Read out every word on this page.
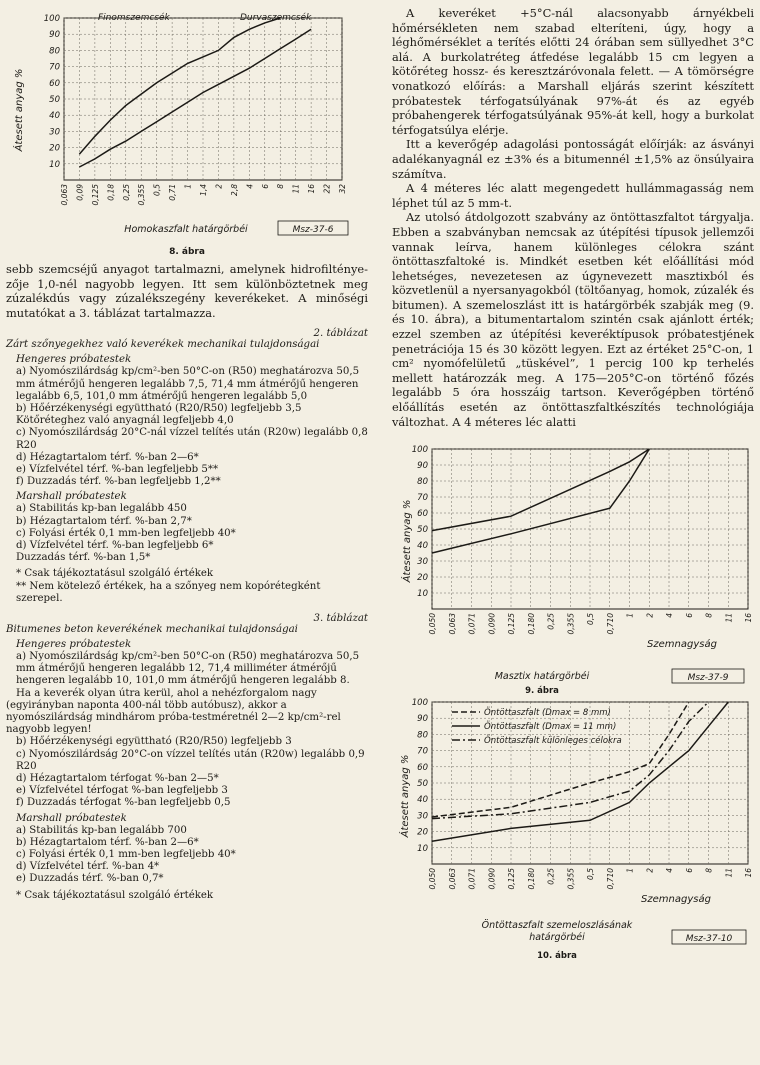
Finomszemcsék	Durvaszemcsék
Átesett anyag %
10
20
30
40
50
60
70
80
90
100
0,063 0,09 0,125 0,18 0,25 0,355 0,5 0,71 1 1,4 2 2,8 4 6 8 11 16 22 32
Homokaszfalt határgörbéi	Msz-37-6
8. ábra

sebb szemcséjű anyagot tartalmazni, amelynek hidrofiltényezője 1,0-nél nagyobb legyen. Itt sem különböztetnek meg zúzalékdús vagy zúzalékszegény keverékeket. A minőségi mutatókat a 3. táblázat tartalmazza.

2. táblázat
Zárt szőnyegekhez való keverékek mechanikai tulajdonságai
Hengeres próbatestek
a) Nyomószilárdság kp/cm²-ben 50°C-on (R50) meghatározva 50,5 mm átmérőjű hengeren legalább 7,5, 71,4 mm átmérőjű hengeren legalább 6,5, 101,0 mm átmérőjű hengeren legalább 5,0
b) Hőérzékenységi együttható (R20/R50) legfeljebb 3,5 Kötőréteghez való anyagnál legfeljebb 4,0
c) Nyomószilárdság 20°C-nál vízzel telítés után (R20w) legalább 0,8 R20
d) Hézagtartalom térf. %-ban 2—6*
e) Vízfelvétel térf. %-ban legfeljebb 5**
f) Duzzadás térf. %-ban legfeljebb 1,2**
Marshall próbatestek
a) Stabilitás kp-ban legalább 450
b) Hézagtartalom térf. %-ban 2,7*
c) Folyási érték 0,1 mm-ben legfeljebb 40*
d) Vízfelvétel térf. %-ban legfeljebb 6*
Duzzadás térf. %-ban 1,5*
* Csak tájékoztatásul szolgáló értékek
** Nem kötelező értékek, ha a szőnyeg nem kopórétegként szerepel.
3. táblázat
Bitumenes beton keverékének mechanikai tulajdonságai
Hengeres próbatestek
a) Nyomószilárdság kp/cm²-ben 50°C-on (R50) meghatározva 50,5 mm átmérőjű hengeren legalább 12, 71,4 milliméter átmérőjű hengeren legalább 10, 101,0 mm átmérőjű hengeren legalább 8.
Ha a keverék olyan útra kerül, ahol a nehézforgalom nagy (egyirányban naponta 400-nál több autóbusz), akkor a nyomószilárdság mindhárom próba-testméretnél 2—2 kp/cm²-rel nagyobb legyen!
b) Hőérzékenységi együttható (R20/R50) legfeljebb 3
c) Nyomószilárdság 20°C-on vízzel telítés után (R20w) legalább 0,9 R20
d) Hézagtartalom térfogat %-ban 2—5*
e) Vízfelvétel térfogat %-ban legfeljebb 3
f) Duzzadás térfogat %-ban legfeljebb 0,5
Marshall próbatestek
a) Stabilitás kp-ban legalább 700
b) Hézagtartalom térf. %-ban 2—6*
c) Folyási érték 0,1 mm-ben legfeljebb 40*
d) Vízfelvétel térf. %-ban 4*
e) Duzzadás térf. %-ban 0,7*
* Csak tájékoztatásul szolgáló értékek

A keveréket +5°C-nál alacsonyabb árnyékbeli hőmérsékleten nem szabad elteríteni, úgy, hogy a léghőmérséklet a terítés előtti 24 órában sem süllyedhet 3°C alá. A burkolatréteg átfedése legalább 15 cm legyen a kötőréteg hossz- és keresztzáróvonala felett. — A tömörségre vonatkozó előírás: a Marshall eljárás szerint készített próbatestek térfogatsúlyának 97%-át és az egyéb próbahengerek térfogatsúlyának 95%-át kell, hogy a burkolat térfogatsúlya elérje.

Itt a keverőgép adagolási pontosságát előírják: az ásványi adalékanyagnál ez ±3% és a bitumennél ±1,5% az önsúlyaira számítva.

A 4 méteres léc alatt megengedett hullámmagasság nem léphet túl az 5 mm-t.

Az utolsó átdolgozott szabvány az öntöttaszfaltot tárgyalja. Ebben a szabványban nemcsak az útépítési típusok jellemzői vannak leírva, hanem különleges célokra szánt öntöttaszfaltoké is. Mindkét esetben két előállítási mód lehetséges, nevezetesen az úgynevezett masztixból és közvetlenül a nyersanyagokból (töltőanyag, homok, zúzalék és bitumen). A szemeloszlást itt is határgörbék szabják meg (9. és 10. ábra), a bitumentartalom szintén csak ajánlott érték; ezzel szemben az útépítési keveréktípusok próbatestjének penetrációja 15 és 30 között legyen. Ezt az értéket 25°C-on, 1 cm² nyomófelületű „tüskével”, 1 percig 100 kp terhelés mellett határozzák meg. A 175—205°C-on történő főzés legalább 5 óra hosszáig tartson. Keverőgépben történő előállítás esetén az öntöttaszfaltkészítés technológiája változhat. A 4 méteres léc alatti

Átesett anyag %
10
20
30
40
50
60
70
80
90
100
0,050 0,063 0,071 0,090 0,125 0,180 0,25 0,355 0,5 0,710 1 2 4 6 8 11 16
Szemnagyság
Masztix határgörbéi	Msz-37-9
9. ábra
Átesett anyag %
10
20
30
40
50
60
70
80
90
100
0,050 0,063 0,071 0,090 0,125 0,180 0,25 0,355 0,5 0,710 1 2 4 6 8 11 16
Öntöttaszfalt (Dmax = 8 mm)
Öntöttaszfalt (Dmax = 11 mm)
Öntöttaszfalt különleges célokra
Szemnagyság
Öntöttaszfalt szemeloszlásának
határgörbéi	Msz-37-10
10. ábra
